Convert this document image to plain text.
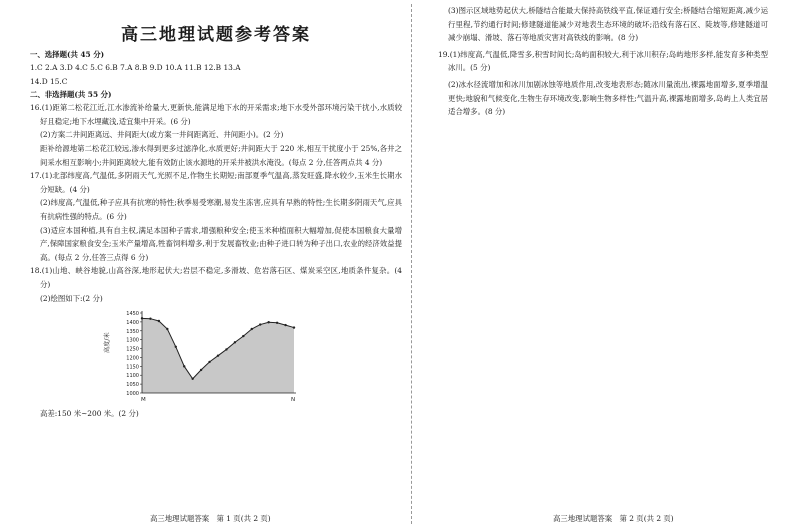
高三地理试题参考答案
一、选择题(共 45 分)
1.C 2.A 3.D 4.C 5.C 6.B 7.A 8.B 9.D 10.A 11.B 12.B 13.A
14.D 15.C
二、非选择题(共 55 分)
16.(1)距第二松花江近,江水渗流补给量大,更新快,能满足地下水的开采需求;地下水受外部环境污染干扰小,水质较好且稳定;地下水埋藏浅,适宜集中开采。(6 分)
(2)方案二井间距离远、井间距大(或方案一井间距离近、井间距小)。(2 分)
距补给源地第二松花江较远,渗水得到更多过滤净化,水质更好;井间距大于 220 米,相互干扰度小于 25%,各井之间采水相互影响小;井间距离较大,能有效防止该水源地的开采井被洪水淹没。(每点 2 分,任答两点共 4 分)
17.(1)北部纬度高,气温低,多阴雨天气,光照不足,作物生长期短;南部夏季气温高,蒸发旺盛,降水较少,玉米生长期水分短缺。(4 分)
(2)纬度高,气温低,种子应具有抗寒的特性;秋季易受寒潮,易发生冻害,应具有早熟的特性;生长期多阴雨天气,应具有抗病性强的特点。(6 分)
(3)适应本国种植,具有自主权,满足本国种子需求,增强粮种安全;使玉米种植面积大幅增加,促使本国粮食大量增产,保障国家粮食安全;玉米产量增高,牲畜饲料增多,利于发展畜牧业;由种子进口转为种子出口,农业的经济效益提高。(每点 2 分,任答三点得 6 分)
18.(1)山地、峡谷地貌,山高谷深,地形起伏大;岩层不稳定,多滑坡、危岩落石区、煤炭采空区,地质条件复杂。(4 分)
(2)绘图如下:(2 分)
高度/米
1000
1050
1100
1150
1200
1250
1300
1350
1400
1450
M	N
高差:150 米~200 米。(2 分)
高三地理试题答案　第 1 页(共 2 页)
(3)图示区域地势起伏大,桥隧结合能最大保持高铁线平直,保证通行安全;桥隧结合缩短距离,减少运行里程,节约通行时间;修建隧道能减少对地表生态环境的破坏;沿线有落石区、陡坡等,修建隧道可减少崩塌、滑坡、落石等地质灾害对高铁线的影响。(8 分)
19.(1)纬度高,气温低,降雪多,积雪时间长;岛屿面积较大,利于冰川积存;岛屿地形多样,能发育多种类型冰川。(5 分)
(2)冰水径流增加和冰川加剧冰蚀等地质作用,改变地表形态;随冰川量流出,裸露地面增多,夏季增温更快;地貌和气候变化,生物生存环境改变,影响生物多样性;气温升高,裸露地面增多,岛屿上人类宜居适合增多。(8 分)
高三地理试题答案　第 2 页(共 2 页)
